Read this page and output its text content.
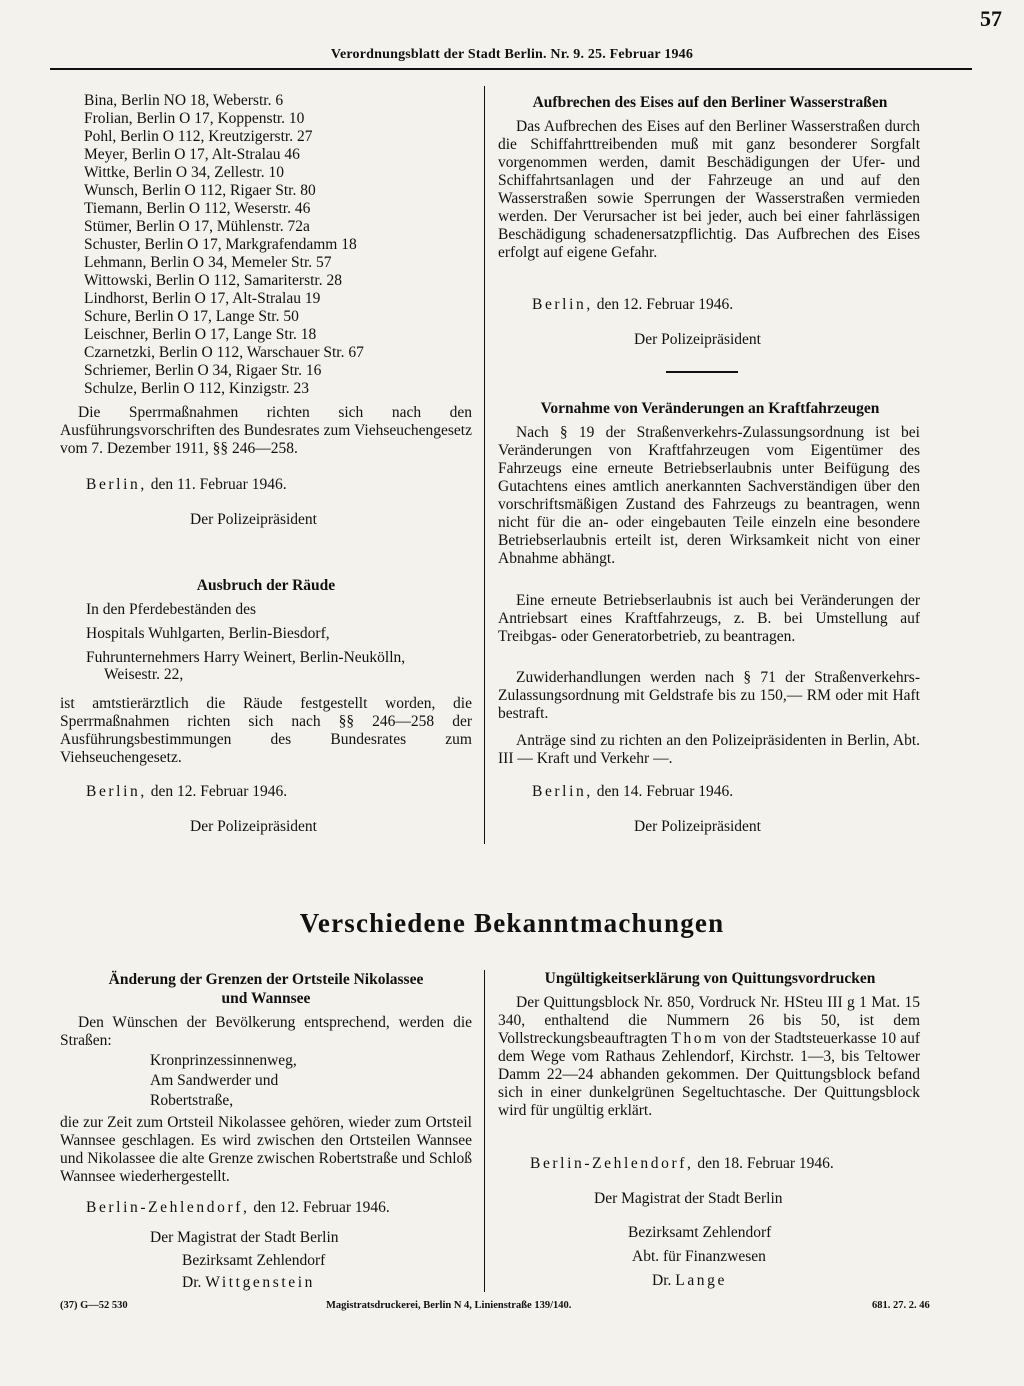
57
Verordnungsblatt der Stadt Berlin. Nr. 9. 25. Februar 1946
Bina, Berlin NO 18, Weberstr. 6
Frolian, Berlin O 17, Koppenstr. 10
Pohl, Berlin O 112, Kreutzigerstr. 27
Meyer, Berlin O 17, Alt-Stralau 46
Wittke, Berlin O 34, Zellestr. 10
Wunsch, Berlin O 112, Rigaer Str. 80
Tiemann, Berlin O 112, Weserstr. 46
Stümer, Berlin O 17, Mühlenstr. 72a
Schuster, Berlin O 17, Markgrafendamm 18
Lehmann, Berlin O 34, Memeler Str. 57
Wittowski, Berlin O 112, Samariterstr. 28
Lindhorst, Berlin O 17, Alt-Stralau 19
Schure, Berlin O 17, Lange Str. 50
Leischner, Berlin O 17, Lange Str. 18
Czarnetzki, Berlin O 112, Warschauer Str. 67
Schriemer, Berlin O 34, Rigaer Str. 16
Schulze, Berlin O 112, Kinzigstr. 23
Die Sperrmaßnahmen richten sich nach den Ausführungsvorschriften des Bundesrates zum Viehseuchengesetz vom 7. Dezember 1911, §§ 246—258.
Berlin, den 11. Februar 1946.
Der Polizeipräsident
Ausbruch der Räude
In den Pferdebeständen des
Hospitals Wuhlgarten, Berlin-Biesdorf,
Fuhrunternehmers Harry Weinert, Berlin-Neukölln,
Weisestr. 22,
ist amtstierärztlich die Räude festgestellt worden, die Sperrmaßnahmen richten sich nach §§ 246—258 der Ausführungsbestimmungen des Bundesrates zum Viehseuchengesetz.
Berlin, den 12. Februar 1946.
Der Polizeipräsident
Aufbrechen des Eises auf den Berliner Wasserstraßen
Das Aufbrechen des Eises auf den Berliner Wasserstraßen durch die Schiffahrttreibenden muß mit ganz besonderer Sorgfalt vorgenommen werden, damit Beschädigungen der Ufer- und Schiffahrtsanlagen und der Fahrzeuge an und auf den Wasserstraßen sowie Sperrungen der Wasserstraßen vermieden werden. Der Verursacher ist bei jeder, auch bei einer fahrlässigen Beschädigung schadenersatzpflichtig. Das Aufbrechen des Eises erfolgt auf eigene Gefahr.
Berlin, den 12. Februar 1946.
Der Polizeipräsident
Vornahme von Veränderungen an Kraftfahrzeugen
Nach § 19 der Straßenverkehrs-Zulassungsordnung ist bei Veränderungen von Kraftfahrzeugen vom Eigentümer des Fahrzeugs eine erneute Betriebserlaubnis unter Beifügung des Gutachtens eines amtlich anerkannten Sachverständigen über den vorschriftsmäßigen Zustand des Fahrzeugs zu beantragen, wenn nicht für die an- oder eingebauten Teile einzeln eine besondere Betriebserlaubnis erteilt ist, deren Wirksamkeit nicht von einer Abnahme abhängt.
Eine erneute Betriebserlaubnis ist auch bei Veränderungen der Antriebsart eines Kraftfahrzeugs, z. B. bei Umstellung auf Treibgas- oder Generatorbetrieb, zu beantragen.
Zuwiderhandlungen werden nach § 71 der Straßenverkehrs-Zulassungsordnung mit Geldstrafe bis zu 150,— RM oder mit Haft bestraft.
Anträge sind zu richten an den Polizeipräsidenten in Berlin, Abt. III — Kraft und Verkehr —.
Berlin, den 14. Februar 1946.
Der Polizeipräsident
Verschiedene Bekanntmachungen
Änderung der Grenzen der Ortsteile Nikolassee
und Wannsee
Den Wünschen der Bevölkerung entsprechend, werden die Straßen:
Kronprinzessinnenweg,
Am Sandwerder und
Robertstraße,
die zur Zeit zum Ortsteil Nikolassee gehören, wieder zum Ortsteil Wannsee geschlagen. Es wird zwischen den Ortsteilen Wannsee und Nikolassee die alte Grenze zwischen Robertstraße und Schloß Wannsee wiederhergestellt.
Berlin-Zehlendorf, den 12. Februar 1946.
Der Magistrat der Stadt Berlin
Bezirksamt Zehlendorf
Dr. Wittgenstein
Ungültigkeitserklärung von Quittungsvordrucken
Der Quittungsblock Nr. 850, Vordruck Nr. HSteu III g 1 Mat. 15 340, enthaltend die Nummern 26 bis 50, ist dem Vollstreckungsbeauftragten Thom von der Stadtsteuerkasse 10 auf dem Wege vom Rathaus Zehlendorf, Kirchstr. 1—3, bis Teltower Damm 22—24 abhanden gekommen. Der Quittungsblock befand sich in einer dunkelgrünen Segeltuchtasche. Der Quittungsblock wird für ungültig erklärt.
Berlin-Zehlendorf, den 18. Februar 1946.
Der Magistrat der Stadt Berlin
Bezirksamt Zehlendorf
Abt. für Finanzwesen
Dr. Lange
(37) G—52 530	Magistratsdruckerei, Berlin N 4, Linienstraße 139/140.	681. 27. 2. 46
